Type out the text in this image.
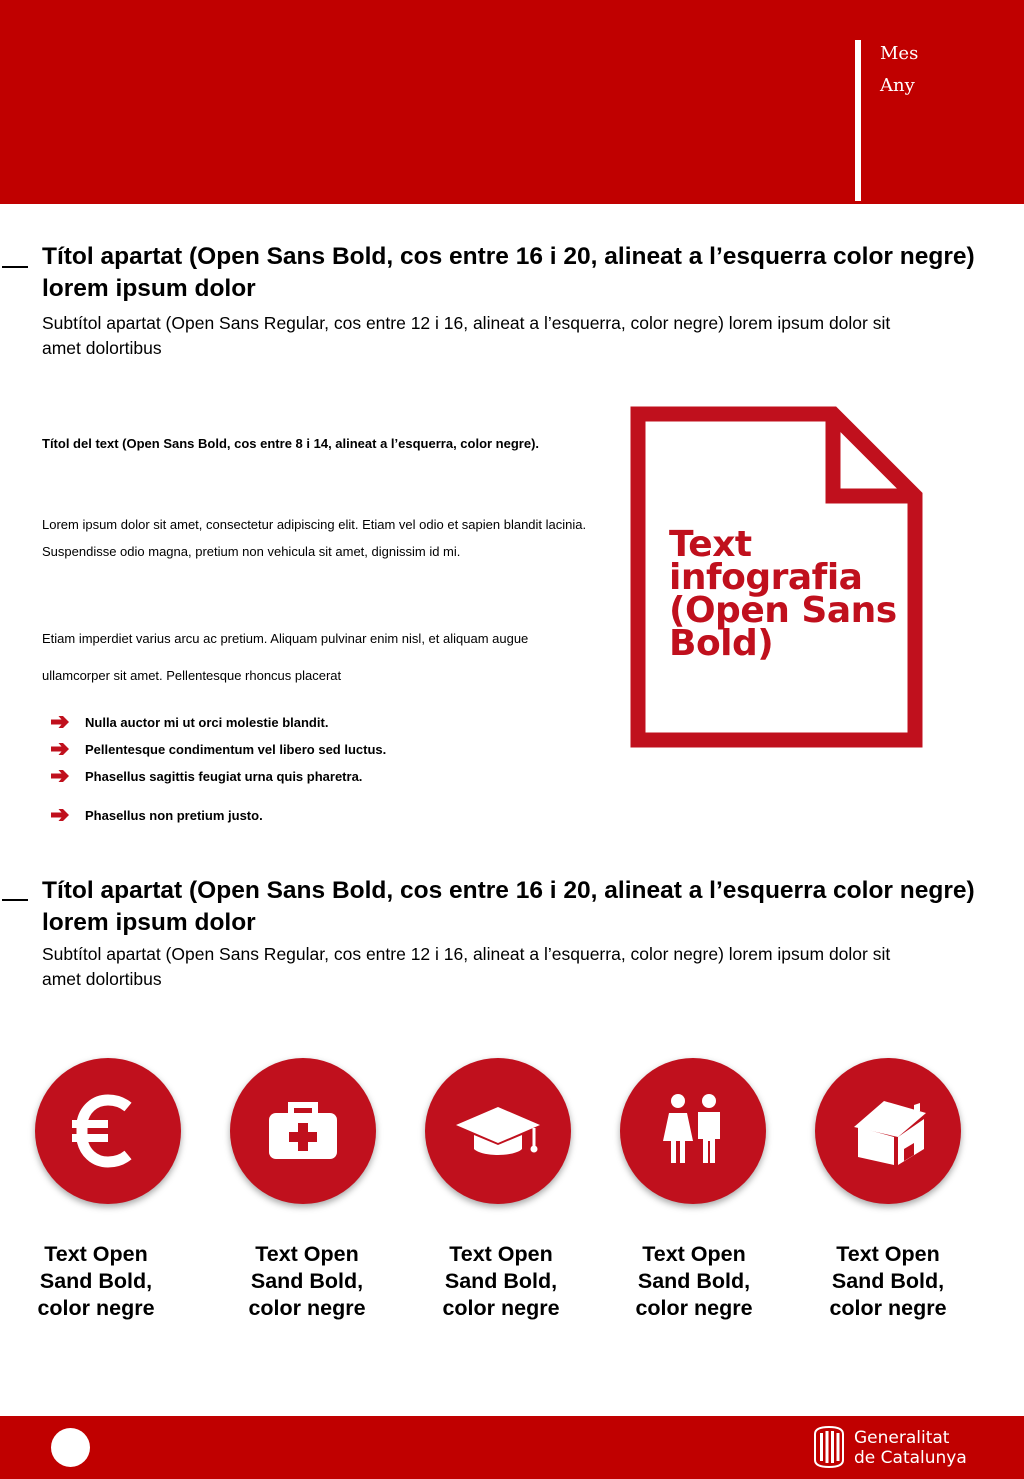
Mes
Any
Títol apartat (Open Sans Bold, cos entre 16 i 20, alineat a l’esquerra color negre) lorem ipsum dolor
Subtítol apartat (Open Sans Regular, cos entre 12 i 16, alineat a l’esquerra, color negre) lorem ipsum dolor sit amet dolortibus
Títol del text (Open Sans Bold, cos entre 8 i 14, alineat a l’esquerra, color negre).
Lorem ipsum dolor sit amet, consectetur adipiscing elit. Etiam vel odio et sapien blandit lacinia. Suspendisse odio magna, pretium non vehicula sit amet, dignissim id mi.
Etiam imperdiet varius arcu ac pretium. Aliquam pulvinar enim nisl, et aliquam augue ullamcorper sit amet. Pellentesque rhoncus placerat
Nulla auctor mi ut orci molestie blandit.
Pellentesque condimentum vel libero sed luctus.
Phasellus sagittis feugiat urna quis pharetra.
Phasellus non pretium justo.
Text infografia (Open Sans Bold)
Títol apartat (Open Sans Bold, cos entre 16 i 20, alineat a l’esquerra color negre) lorem ipsum dolor
Subtítol apartat (Open Sans Regular, cos entre 12 i 16, alineat a l’esquerra, color negre) lorem ipsum dolor sit amet dolortibus
Text Open Sand Bold, color negre
Text Open Sand Bold, color negre
Text Open Sand Bold, color negre
Text Open Sand Bold, color negre
Text Open Sand Bold, color negre
Generalitat
de Catalunya
